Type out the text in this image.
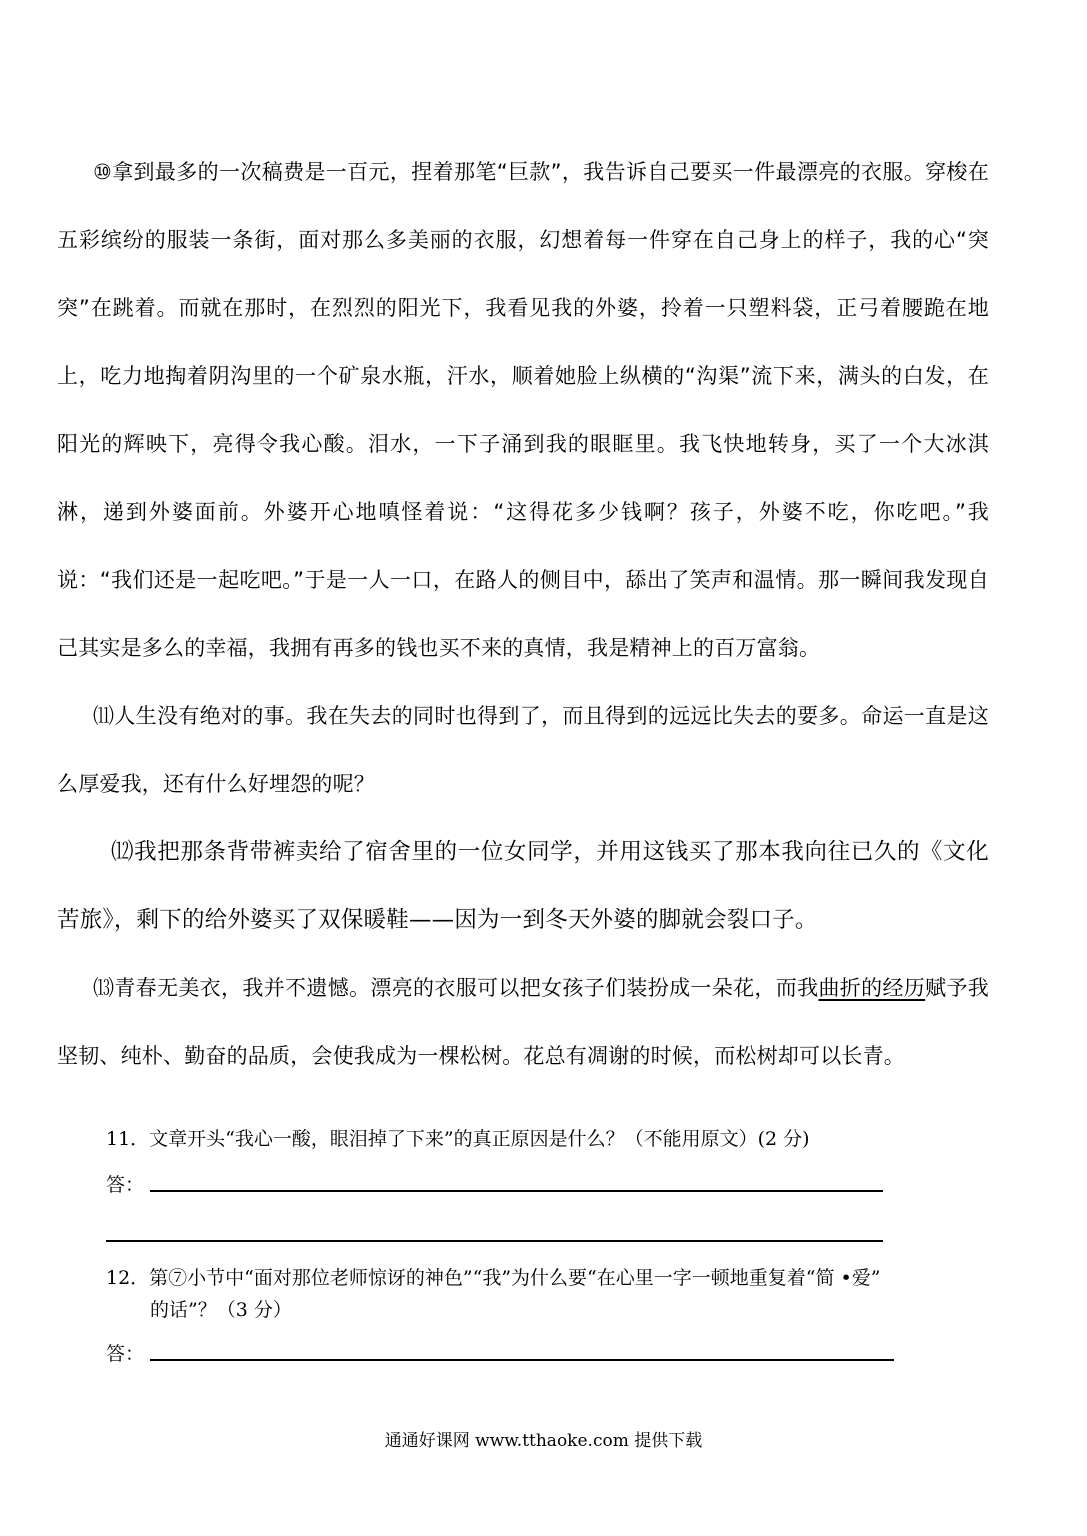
⑩拿到最多的一次稿费是一百元，捏着那笔“巨款”，我告诉自己要买一件最漂亮的衣服。穿梭在五彩缤纷的服装一条街，面对那么多美丽的衣服，幻想着每一件穿在自己身上的样子，我的心“突突”在跳着。而就在那时，在烈烈的阳光下，我看见我的外婆，拎着一只塑料袋，正弓着腰跪在地上，吃力地掏着阴沟里的一个矿泉水瓶，汗水，顺着她脸上纵横的“沟渠”流下来，满头的白发，在阳光的辉映下，亮得令我心酸。泪水，一下子涌到我的眼眶里。我飞快地转身，买了一个大冰淇淋，递到外婆面前。外婆开心地嗔怪着说：“这得花多少钱啊？孩子，外婆不吃，你吃吧。”我说：“我们还是一起吃吧。”于是一人一口，在路人的侧目中，舔出了笑声和温情。那一瞬间我发现自己其实是多么的幸福，我拥有再多的钱也买不来的真情，我是精神上的百万富翁。

⑾人生没有绝对的事。我在失去的同时也得到了，而且得到的远远比失去的要多。命运一直是这么厚爱我，还有什么好埋怨的呢？

⑿我把那条背带裤卖给了宿舍里的一位女同学，并用这钱买了那本我向往已久的《文化苦旅》，剩下的给外婆买了双保暖鞋——因为一到冬天外婆的脚就会裂口子。

⒀青春无美衣，我并不遗憾。漂亮的衣服可以把女孩子们装扮成一朵花，而我曲折的经历赋予我坚韧、纯朴、勤奋的品质，会使我成为一棵松树。花总有凋谢的时候，而松树却可以长青。

11．文章开头“我心一酸，眼泪掉了下来”的真正原因是什么？（不能用原文）(2 分)

答：

12．第⑦小节中“面对那位老师惊讶的神色”“我”为什么要“在心里一字一顿地重复着“简 •爱”
的话”？（3 分）

答：
通通好课网 www.tthaoke.com 提供下载
